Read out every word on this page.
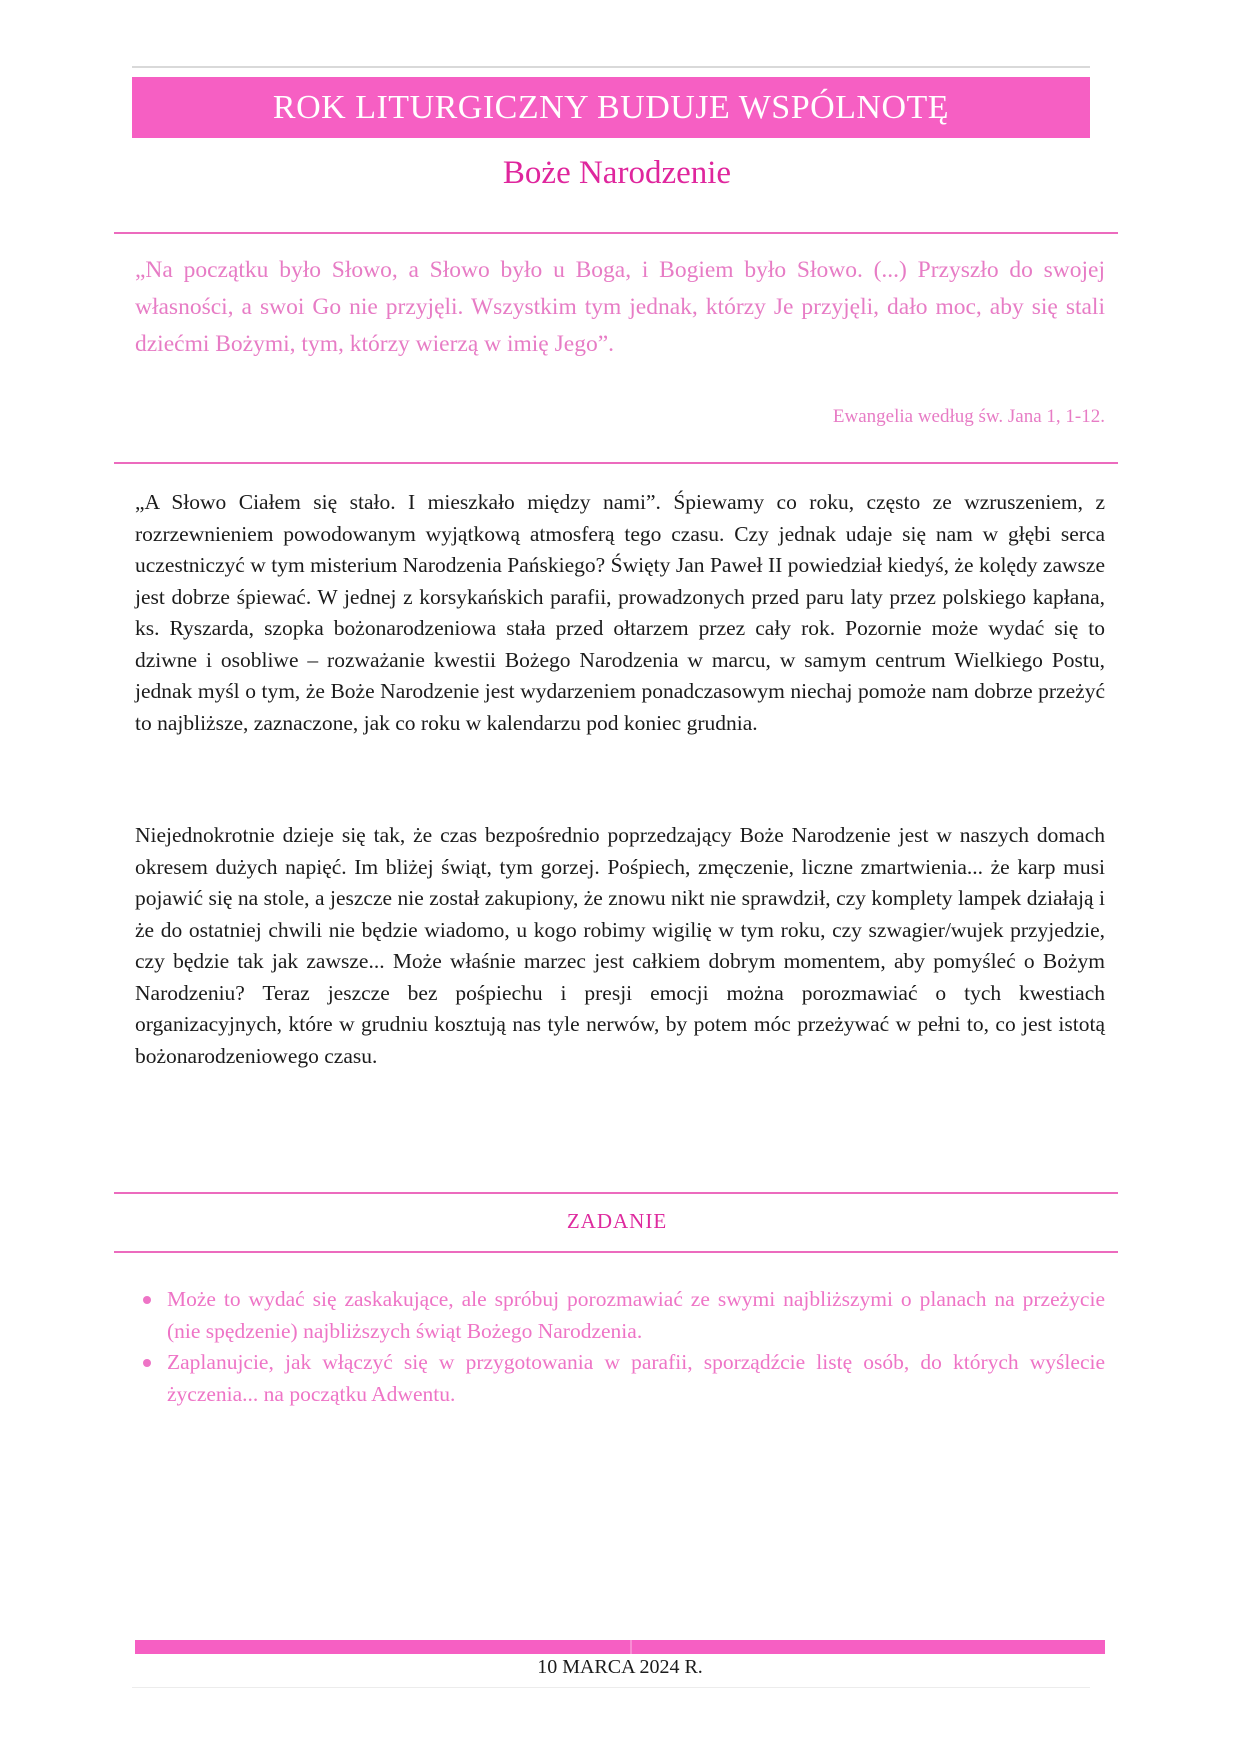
ROK LITURGICZNY BUDUJE WSPÓLNOTĘ
Boże Narodzenie
„Na początku było Słowo, a Słowo było u Boga, i Bogiem było Słowo. (...) Przyszło do swojej własności, a swoi Go nie przyjęli. Wszystkim tym jednak, którzy Je przyjęli, dało moc, aby się stali dziećmi Bożymi, tym, którzy wierzą w imię Jego”.
Ewangelia według św. Jana 1, 1-12.

„A Słowo Ciałem się stało. I mieszkało między nami”. Śpiewamy co roku, często ze wzruszeniem, z rozrzewnieniem powodowanym wyjątkową atmosferą tego czasu. Czy jednak udaje się nam w głębi serca uczestniczyć w tym misterium Narodzenia Pańskiego? Święty Jan Paweł II powiedział kiedyś, że kolędy zawsze jest dobrze śpiewać. W jednej z korsykańskich parafii, prowadzonych przed paru laty przez polskiego kapłana, ks. Ryszarda, szopka bożonarodzeniowa stała przed ołtarzem przez cały rok. Pozornie może wydać się to dziwne i osobliwe – rozważanie kwestii Bożego Narodzenia w marcu, w samym centrum Wielkiego Postu, jednak myśl o tym, że Boże Narodzenie jest wydarzeniem ponadczasowym niechaj pomoże nam dobrze przeżyć to najbliższe, zaznaczone, jak co roku w kalendarzu pod koniec grudnia.

Niejednokrotnie dzieje się tak, że czas bezpośrednio poprzedzający Boże Narodzenie jest w naszych domach okresem dużych napięć. Im bliżej świąt, tym gorzej. Pośpiech, zmęczenie, liczne zmartwienia... że karp musi pojawić się na stole, a jeszcze nie został zakupiony, że znowu nikt nie sprawdził, czy komplety lampek działają i że do ostatniej chwili nie będzie wiadomo, u kogo robimy wigilię w tym roku, czy szwagier/wujek przyjedzie, czy będzie tak jak zawsze... Może właśnie marzec jest całkiem dobrym momentem, aby pomyśleć o Bożym Narodzeniu? Teraz jeszcze bez pośpiechu i presji emocji można porozmawiać o tych kwestiach organizacyjnych, które w grudniu kosztują nas tyle nerwów, by potem móc przeżywać w pełni to, co jest istotą bożonarodzeniowego czasu.

ZADANIE
Może to wydać się zaskakujące, ale spróbuj porozmawiać ze swymi najbliższymi o planach na przeżycie (nie spędzenie) najbliższych świąt Bożego Narodzenia.
Zaplanujcie, jak włączyć się w przygotowania w parafii, sporządźcie listę osób, do których wyślecie życzenia... na początku Adwentu.
10 MARCA 2024 R.
